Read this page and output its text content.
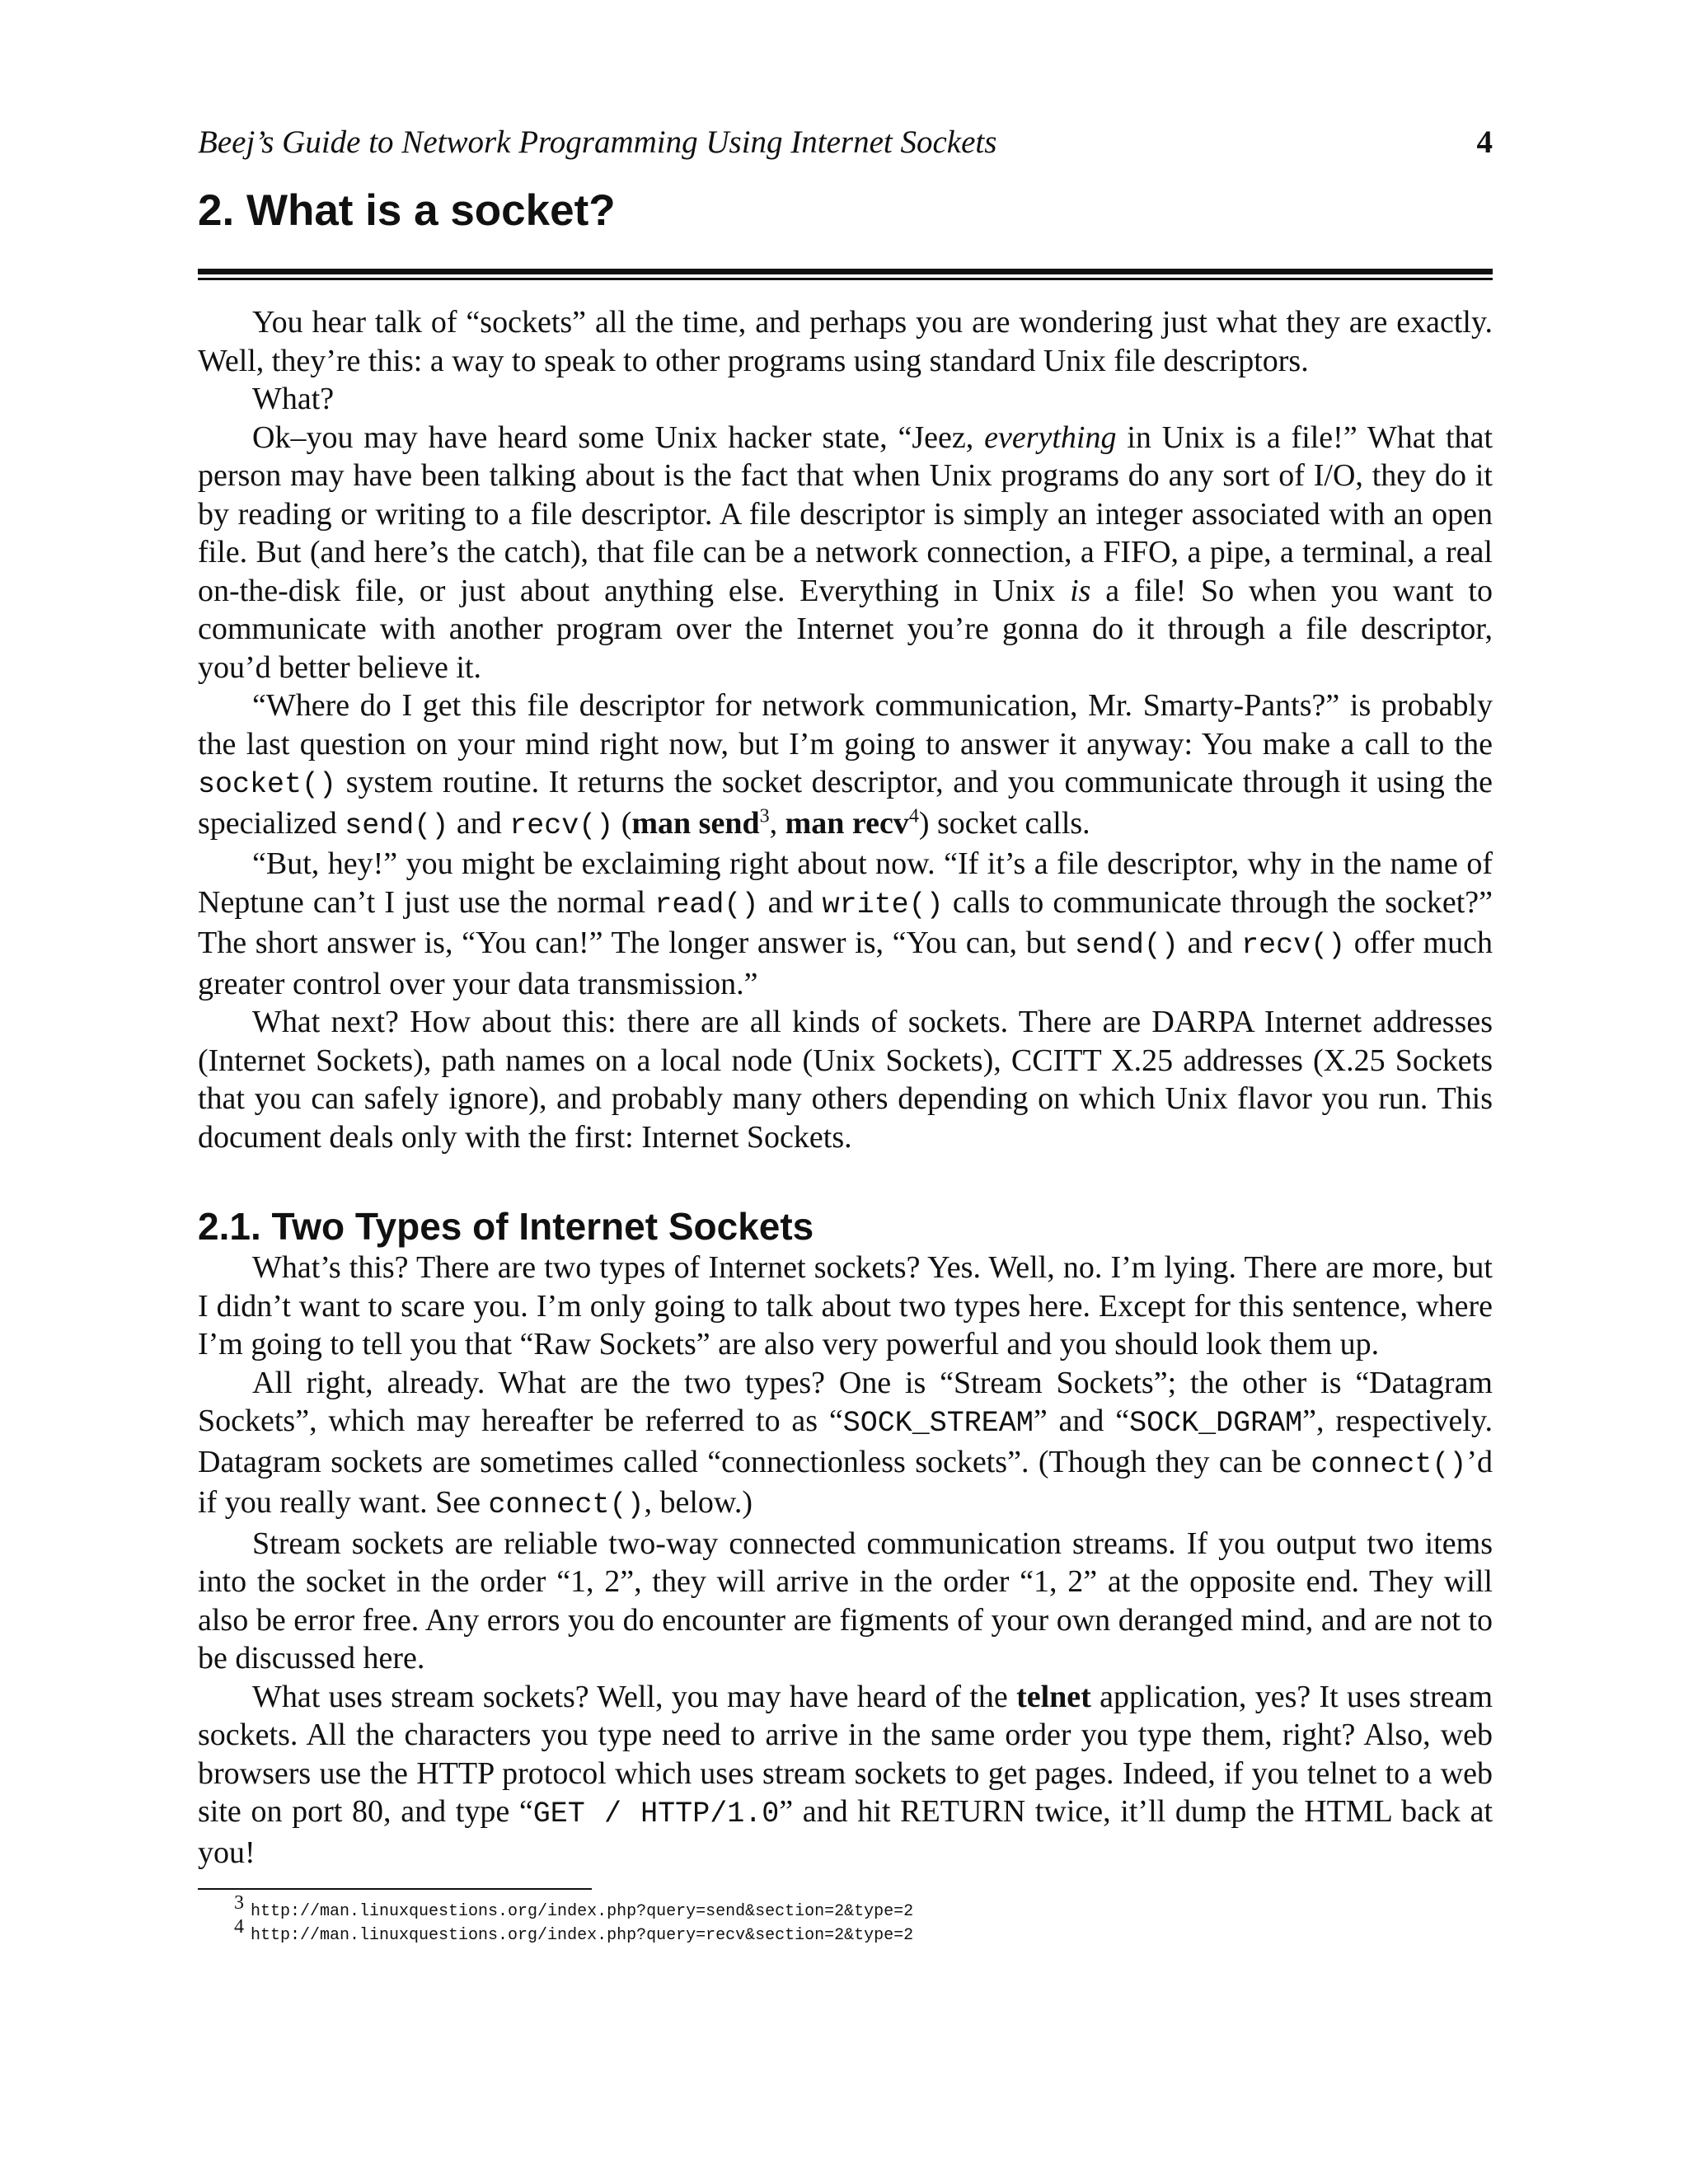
Beej’s Guide to Network Programming Using Internet Sockets	4
2. What is a socket?

You hear talk of “sockets” all the time, and perhaps you are wondering just what they are exactly. Well, they’re this: a way to speak to other programs using standard Unix file descriptors.

What?

Ok–you may have heard some Unix hacker state, “Jeez, everything in Unix is a file!” What that person may have been talking about is the fact that when Unix programs do any sort of I/O, they do it by reading or writing to a file descriptor. A file descriptor is simply an integer associated with an open file. But (and here’s the catch), that file can be a network connection, a FIFO, a pipe, a terminal, a real on-the-disk file, or just about anything else. Everything in Unix is a file! So when you want to communicate with another program over the Internet you’re gonna do it through a file descriptor, you’d better believe it.

“Where do I get this file descriptor for network communication, Mr. Smarty-Pants?” is probably the last question on your mind right now, but I’m going to answer it anyway: You make a call to the socket() system routine. It returns the socket descriptor, and you communicate through it using the specialized send() and recv() (man send$^3$, man recv$^4$) socket calls.

“But, hey!” you might be exclaiming right about now. “If it’s a file descriptor, why in the name of Neptune can’t I just use the normal read() and write() calls to communicate through the socket?” The short answer is, “You can!” The longer answer is, “You can, but send() and recv() offer much greater control over your data transmission.”

What next? How about this: there are all kinds of sockets. There are DARPA Internet addresses (Internet Sockets), path names on a local node (Unix Sockets), CCITT X.25 addresses (X.25 Sockets that you can safely ignore), and probably many others depending on which Unix flavor you run. This document deals only with the first: Internet Sockets.

2.1. Two Types of Internet Sockets

What’s this? There are two types of Internet sockets? Yes. Well, no. I’m lying. There are more, but I didn’t want to scare you. I’m only going to talk about two types here. Except for this sentence, where I’m going to tell you that “Raw Sockets” are also very powerful and you should look them up.

All right, already. What are the two types? One is “Stream Sockets”; the other is “Datagram Sockets”, which may hereafter be referred to as “SOCK_STREAM” and “SOCK_DGRAM”, respectively. Datagram sockets are sometimes called “connectionless sockets”. (Though they can be connect()’d if you really want. See connect(), below.)

Stream sockets are reliable two-way connected communication streams. If you output two items into the socket in the order “1, 2”, they will arrive in the order “1, 2” at the opposite end. They will also be error free. Any errors you do encounter are figments of your own deranged mind, and are not to be discussed here.

What uses stream sockets? Well, you may have heard of the telnet application, yes? It uses stream sockets. All the characters you type need to arrive in the same order you type them, right? Also, web browsers use the HTTP protocol which uses stream sockets to get pages. Indeed, if you telnet to a web site on port 80, and type “GET / HTTP/1.0” and hit RETURN twice, it’ll dump the HTML back at you!

3 http://man.linuxquestions.org/index.php?query=send&section=2&type=2
4 http://man.linuxquestions.org/index.php?query=recv&section=2&type=2
